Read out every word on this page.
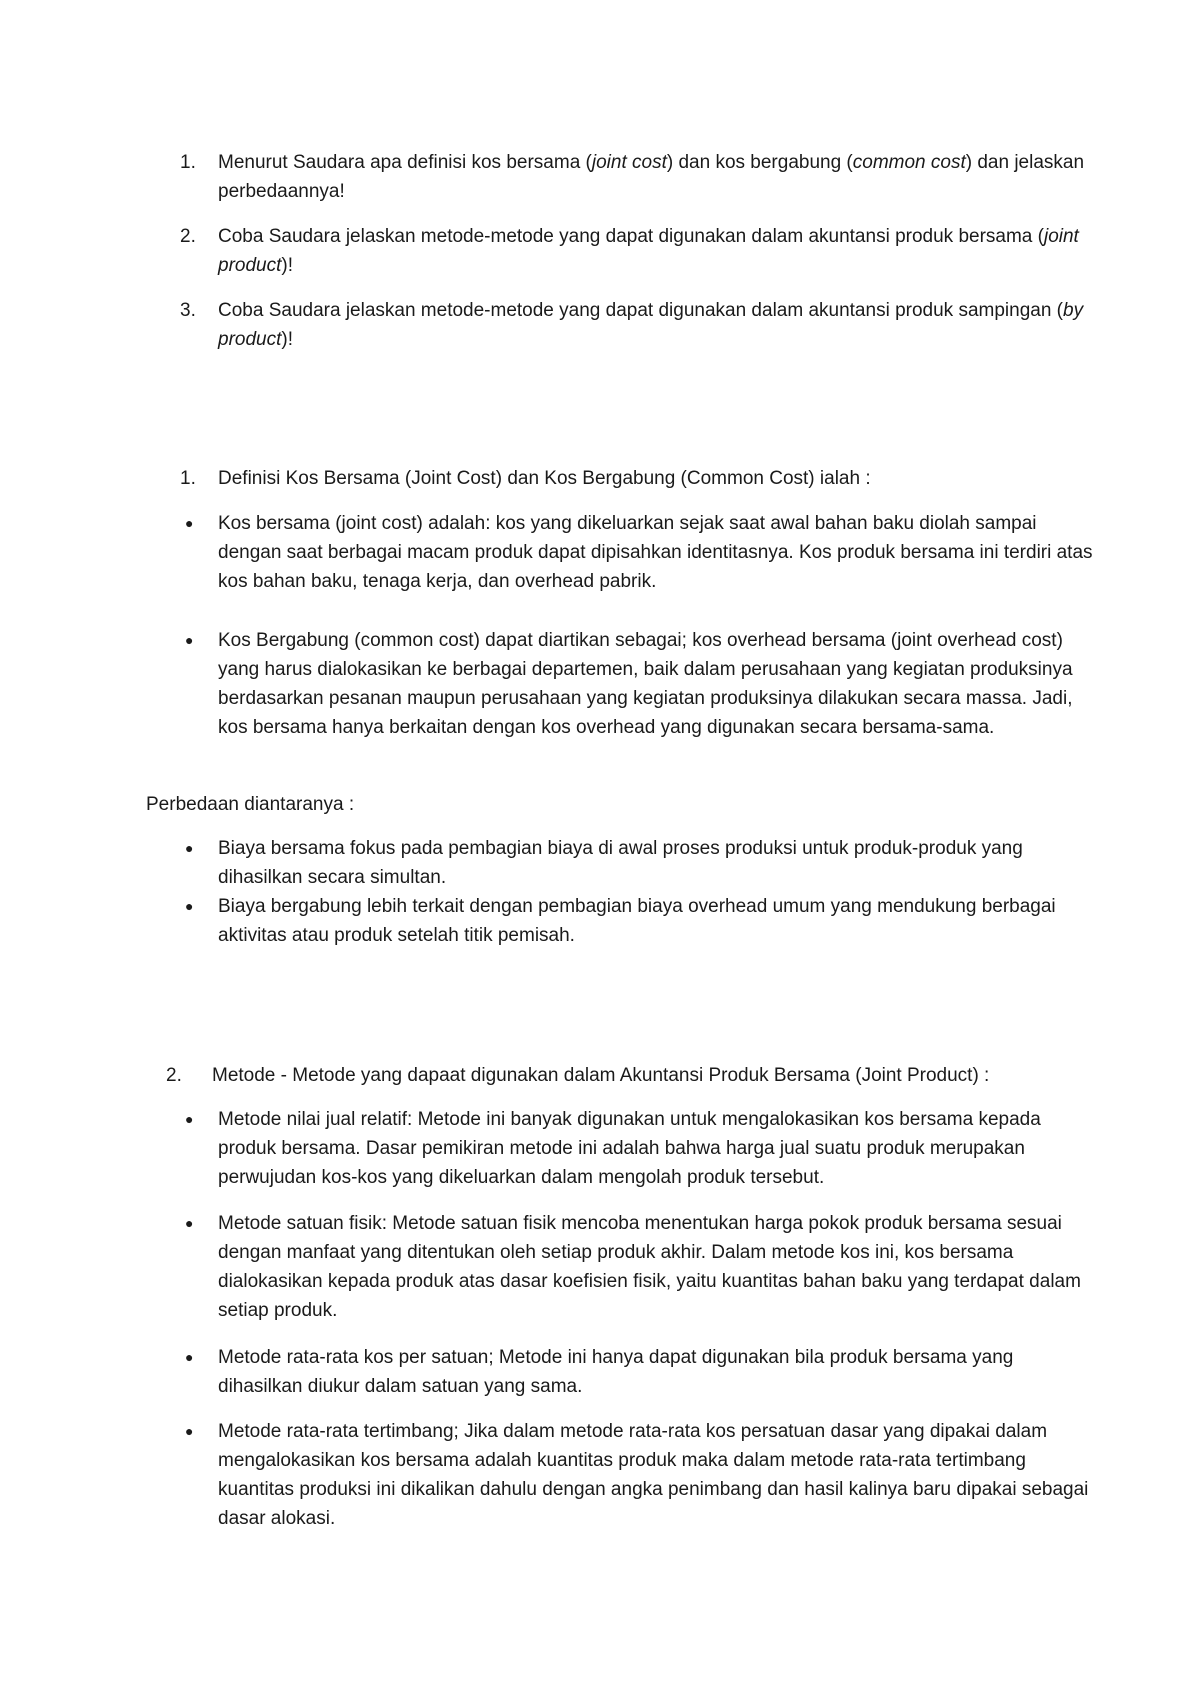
1. Menurut Saudara apa definisi kos bersama (joint cost) dan kos bergabung (common cost) dan jelaskan perbedaannya!
2. Coba Saudara jelaskan metode-metode yang dapat digunakan dalam akuntansi produk bersama (joint product)!
3. Coba Saudara jelaskan metode-metode yang dapat digunakan dalam akuntansi produk sampingan (by product)!
1. Definisi Kos Bersama (Joint Cost) dan Kos Bergabung (Common Cost) ialah :
● Kos bersama (joint cost) adalah: kos yang dikeluarkan sejak saat awal bahan baku diolah sampai dengan saat berbagai macam produk dapat dipisahkan identitasnya. Kos produk bersama ini terdiri atas kos bahan baku, tenaga kerja, dan overhead pabrik.
● Kos Bergabung (common cost) dapat diartikan sebagai; kos overhead bersama (joint overhead cost) yang harus dialokasikan ke berbagai departemen, baik dalam perusahaan yang kegiatan produksinya berdasarkan pesanan maupun perusahaan yang kegiatan produksinya dilakukan secara massa. Jadi, kos bersama hanya berkaitan dengan kos overhead yang digunakan secara bersama-sama.
Perbedaan diantaranya :
● Biaya bersama fokus pada pembagian biaya di awal proses produksi untuk produk-produk yang dihasilkan secara simultan.
● Biaya bergabung lebih terkait dengan pembagian biaya overhead umum yang mendukung berbagai aktivitas atau produk setelah titik pemisah.
2. Metode - Metode yang dapaat digunakan dalam Akuntansi Produk Bersama (Joint Product) :
● Metode nilai jual relatif: Metode ini banyak digunakan untuk mengalokasikan kos bersama kepada produk bersama. Dasar pemikiran metode ini adalah bahwa harga jual suatu produk merupakan perwujudan kos-kos yang dikeluarkan dalam mengolah produk tersebut.
● Metode satuan fisik: Metode satuan fisik mencoba menentukan harga pokok produk bersama sesuai dengan manfaat yang ditentukan oleh setiap produk akhir. Dalam metode kos ini, kos bersama dialokasikan kepada produk atas dasar koefisien fisik, yaitu kuantitas bahan baku yang terdapat dalam setiap produk.
● Metode rata-rata kos per satuan; Metode ini hanya dapat digunakan bila produk bersama yang dihasilkan diukur dalam satuan yang sama.
● Metode rata-rata tertimbang; Jika dalam metode rata-rata kos persatuan dasar yang dipakai dalam mengalokasikan kos bersama adalah kuantitas produk maka dalam metode rata-rata tertimbang kuantitas produksi ini dikalikan dahulu dengan angka penimbang dan hasil kalinya baru dipakai sebagai dasar alokasi.
